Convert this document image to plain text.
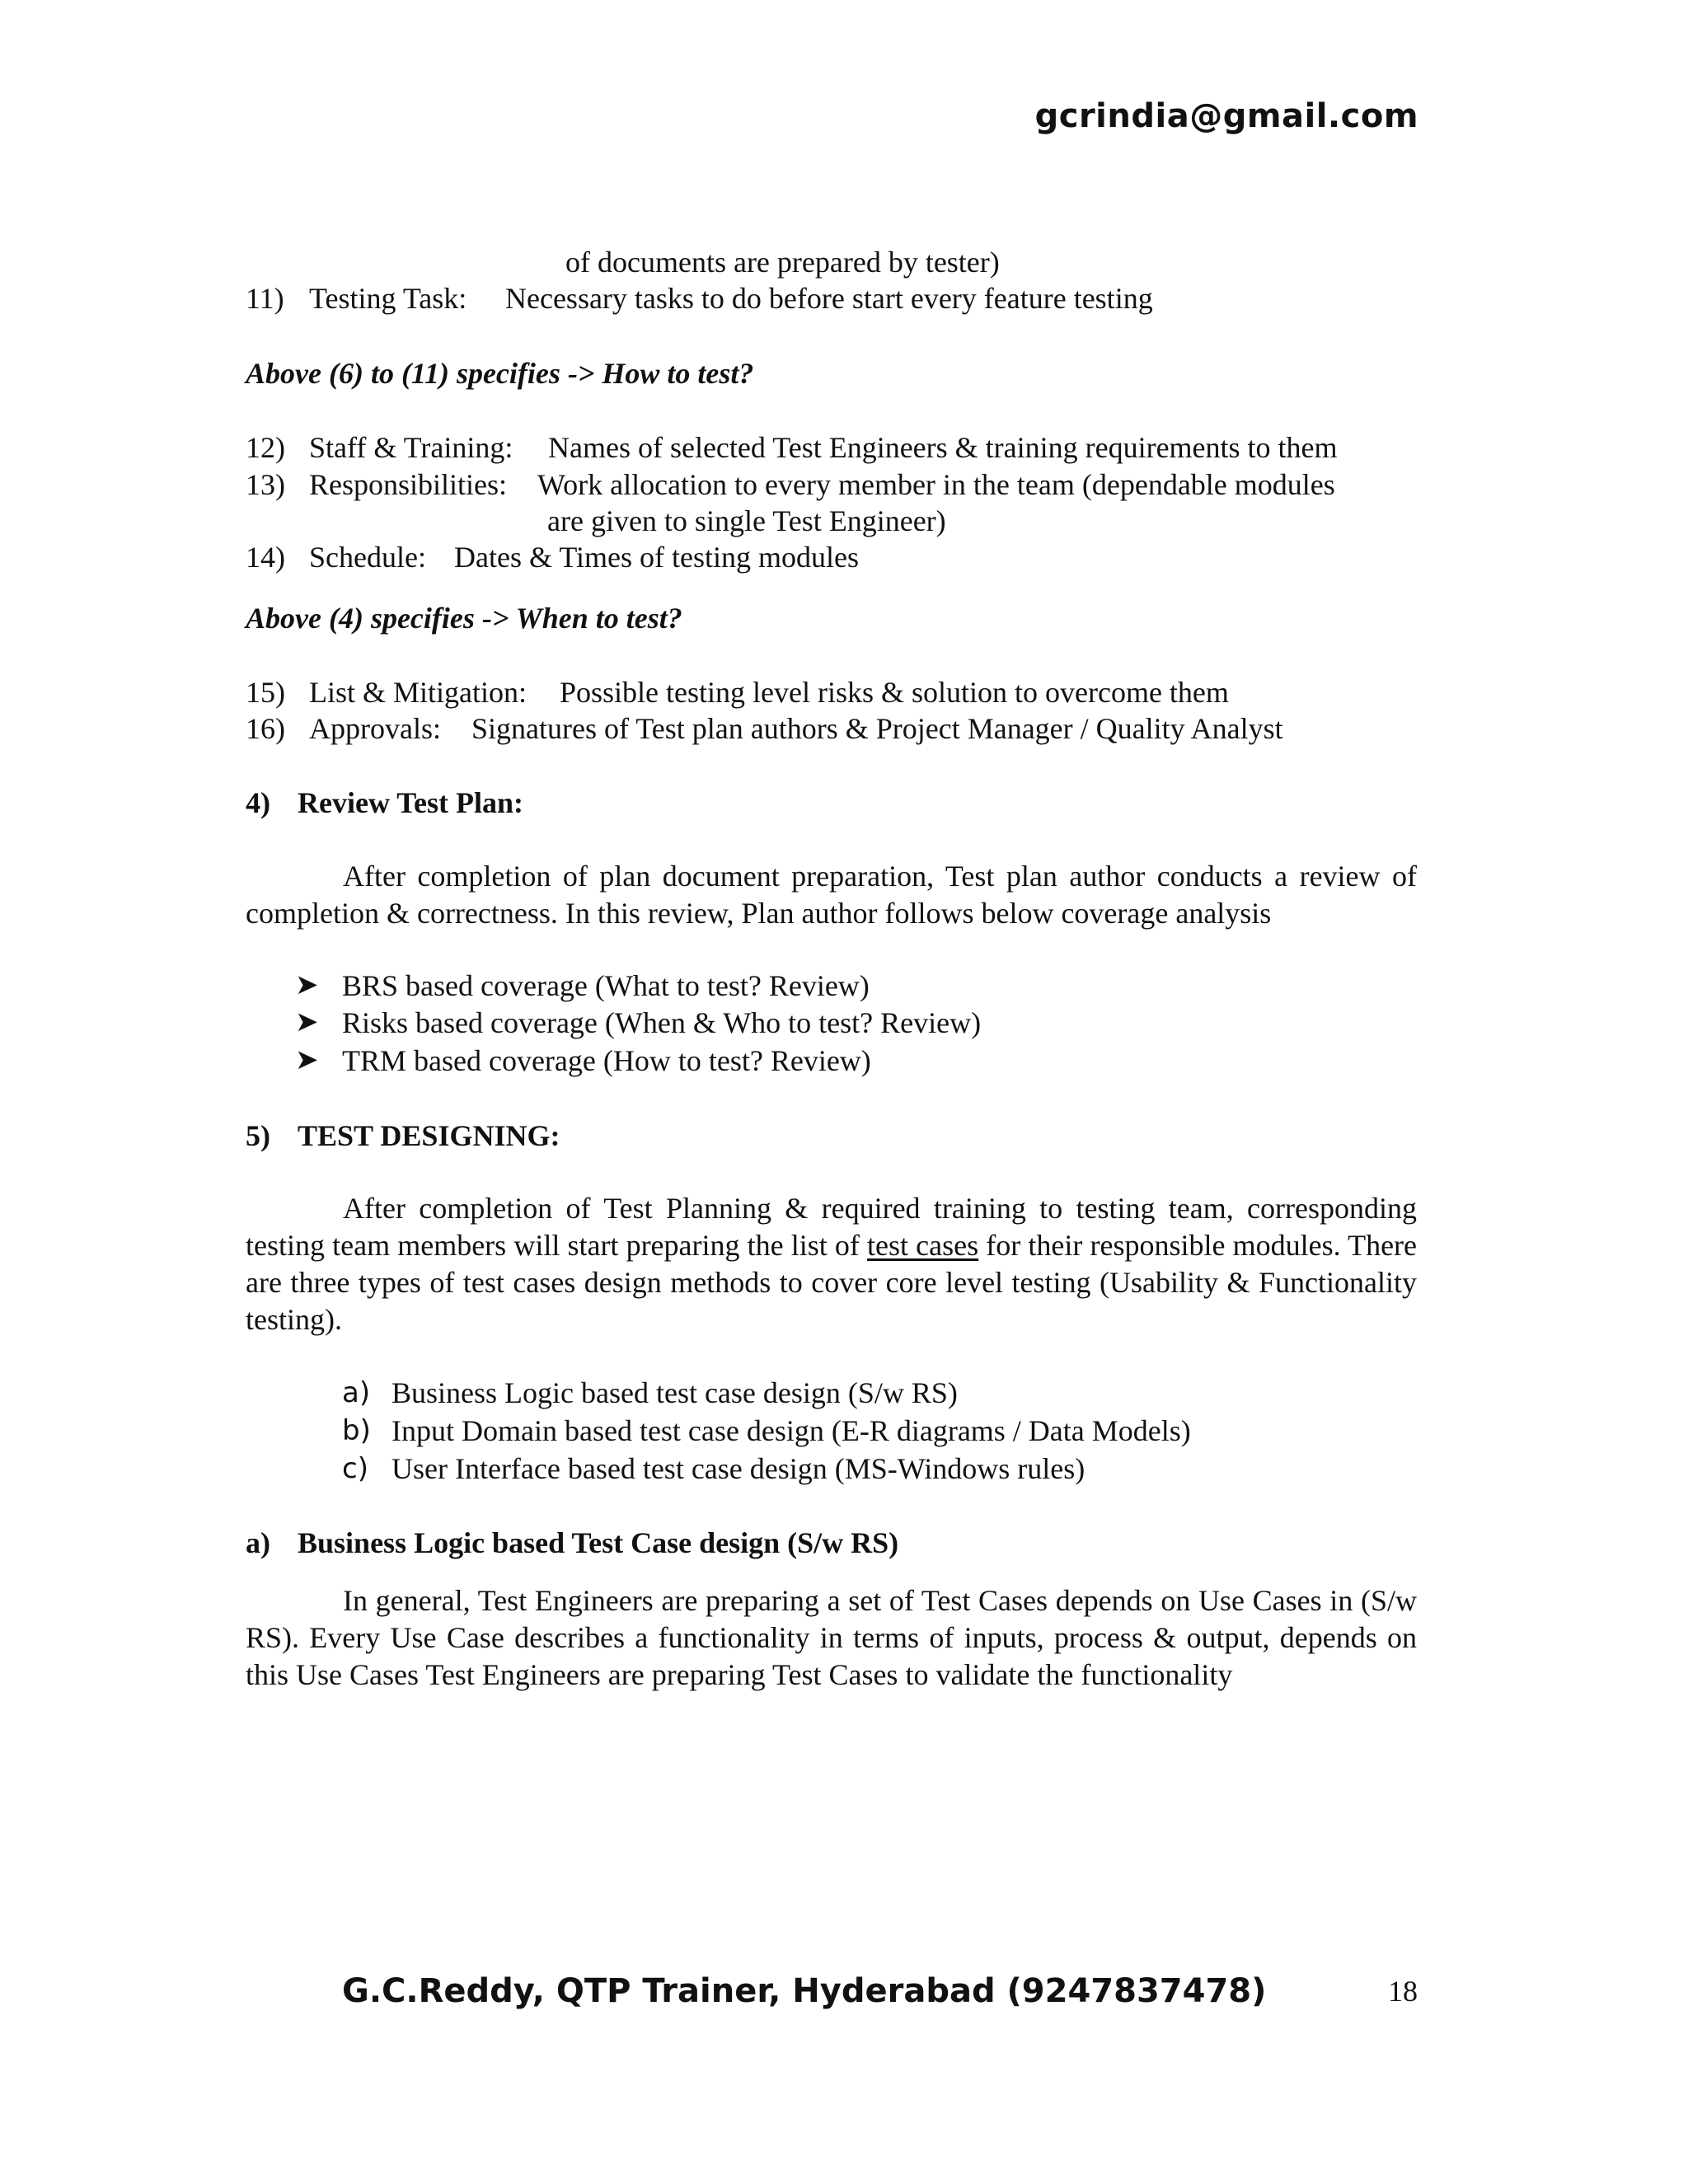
gcrindia@gmail.com
of documents are prepared by tester)
11) Testing Task: Necessary tasks to do before start every feature testing
Above (6) to (11) specifies -> How to test?
12) Staff & Training: Names of selected Test Engineers & training requirements to them
13) Responsibilities: Work allocation to every member in the team (dependable modules
are given to single Test Engineer)
14) Schedule: Dates & Times of testing modules
Above (4) specifies -> When to test?
15) List & Mitigation: Possible testing level risks & solution to overcome them
16) Approvals: Signatures of Test plan authors & Project Manager / Quality Analyst
4) Review Test Plan:
After completion of plan document preparation, Test plan author conducts a review of completion & correctness. In this review, Plan author follows below coverage analysis
➤ BRS based coverage (What to test? Review)
➤ Risks based coverage (When & Who to test? Review)
➤ TRM based coverage (How to test? Review)
5) TEST DESIGNING:
After completion of Test Planning & required training to testing team, corresponding testing team members will start preparing the list of test cases for their responsible modules. There are three types of test cases design methods to cover core level testing (Usability & Functionality testing).
a) Business Logic based test case design (S/w RS)
b) Input Domain based test case design (E-R diagrams / Data Models)
c) User Interface based test case design (MS-Windows rules)
a) Business Logic based Test Case design (S/w RS)
In general, Test Engineers are preparing a set of Test Cases depends on Use Cases in (S/w RS). Every Use Case describes a functionality in terms of inputs, process & output, depends on this Use Cases Test Engineers are preparing Test Cases to validate the functionality
G.C.Reddy, QTP Trainer, Hyderabad (9247837478)	18
